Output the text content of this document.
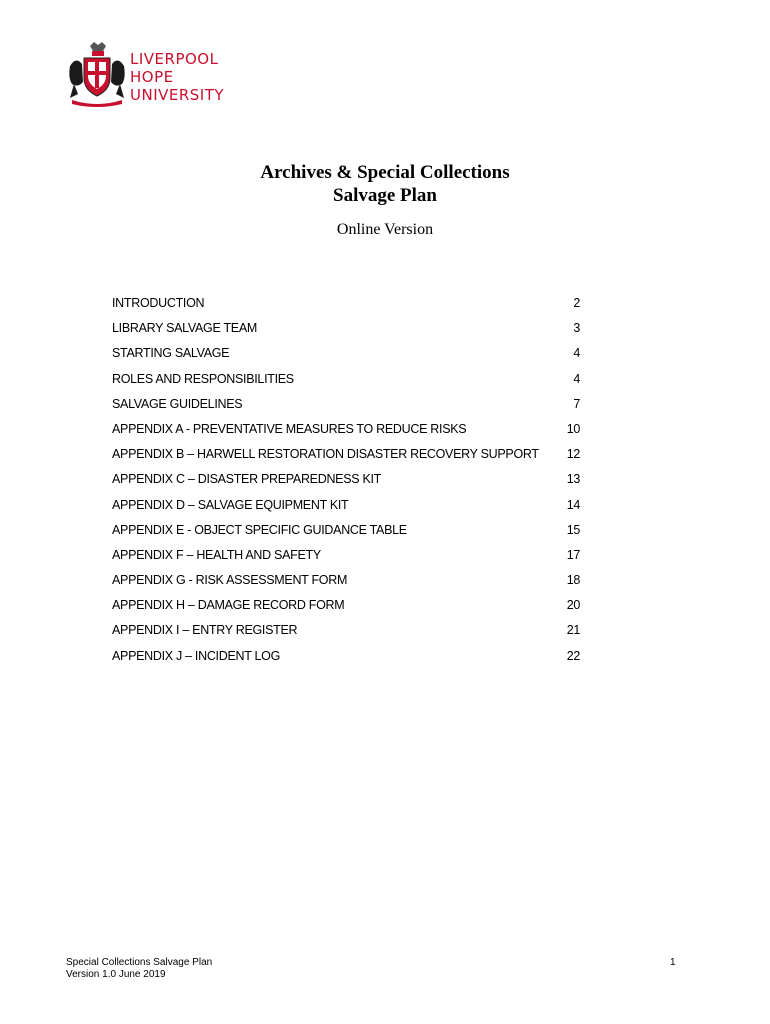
LIVERPOOL
HOPE
UNIVERSITY
Archives & Special Collections
Salvage Plan
Online Version
INTRODUCTION	2
LIBRARY SALVAGE TEAM	3
STARTING SALVAGE	4
ROLES AND RESPONSIBILITIES	4
SALVAGE GUIDELINES	7
APPENDIX A - PREVENTATIVE MEASURES TO REDUCE RISKS	10
APPENDIX B – HARWELL RESTORATION DISASTER RECOVERY SUPPORT 12
APPENDIX C – DISASTER PREPAREDNESS KIT	13
APPENDIX D – SALVAGE EQUIPMENT KIT	14
APPENDIX E - OBJECT SPECIFIC GUIDANCE TABLE	15
APPENDIX F – HEALTH AND SAFETY	17
APPENDIX G - RISK ASSESSMENT FORM	18
APPENDIX H – DAMAGE RECORD FORM	20
APPENDIX I – ENTRY REGISTER	21
APPENDIX J – INCIDENT LOG	22
Special Collections Salvage Plan
Version 1.0 June 2019
1
